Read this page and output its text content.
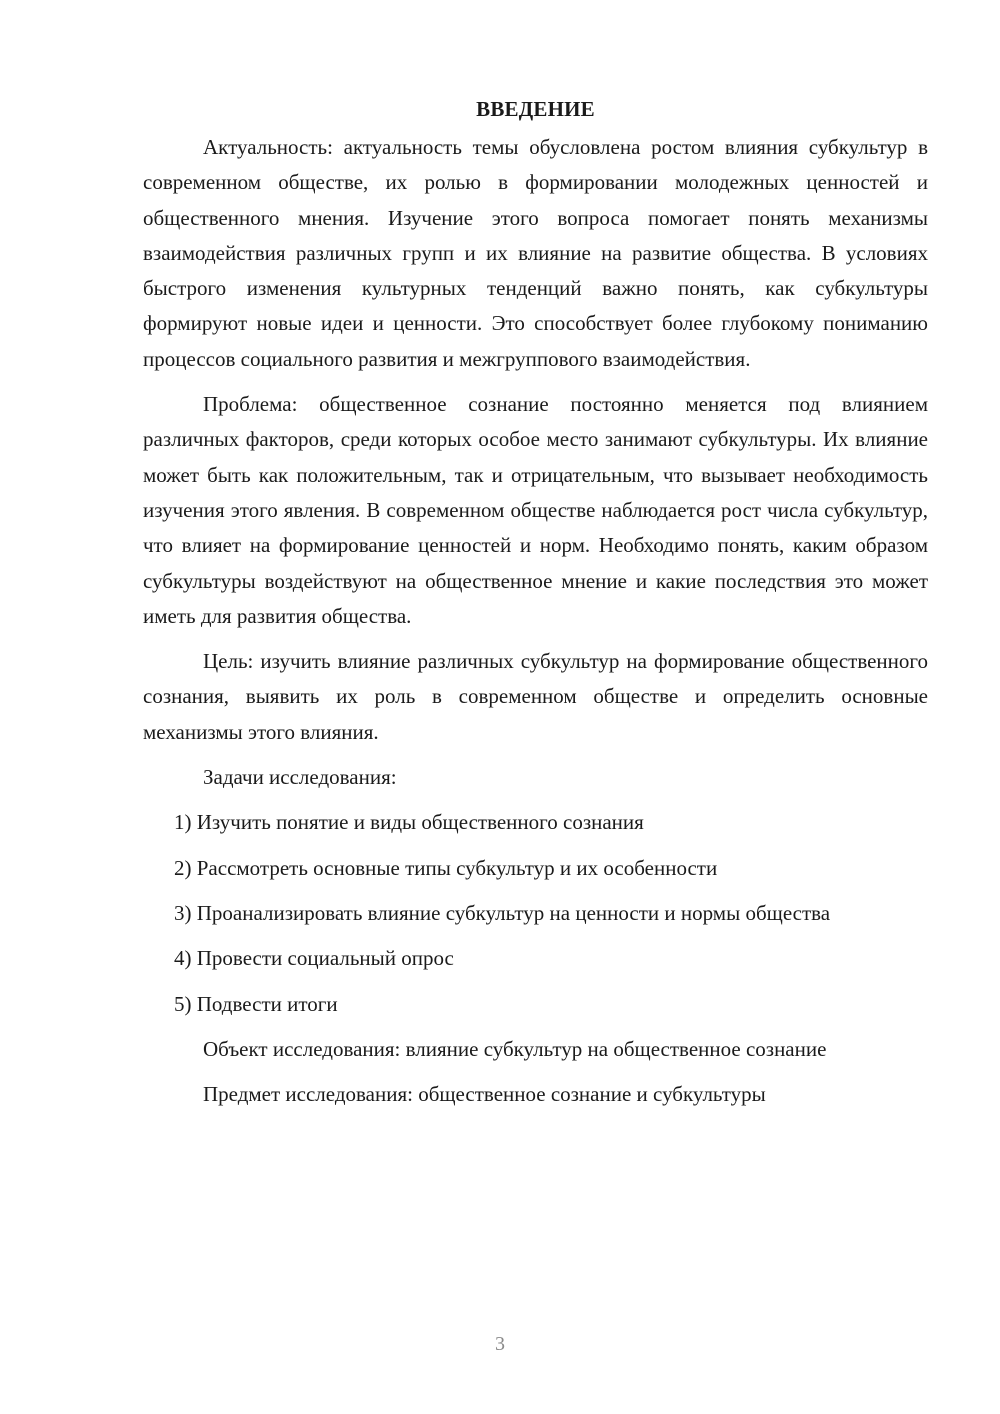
ВВЕДЕНИЕ
Актуальность: актуальность темы обусловлена ростом влияния субкультур в современном обществе, их ролью в формировании молодежных ценностей и общественного мнения. Изучение этого вопроса помогает понять механизмы взаимодействия различных групп и их влияние на развитие общества. В условиях быстрого изменения культурных тенденций важно понять, как субкультуры формируют новые идеи и ценности. Это способствует более глубокому пониманию процессов социального развития и межгруппового взаимодействия.
Проблема: общественное сознание постоянно меняется под влиянием различных факторов, среди которых особое место занимают субкультуры. Их влияние может быть как положительным, так и отрицательным, что вызывает необходимость изучения этого явления. В современном обществе наблюдается рост числа субкультур, что влияет на формирование ценностей и норм. Необходимо понять, каким образом субкультуры воздействуют на общественное мнение и какие последствия это может иметь для развития общества.
Цель: изучить влияние различных субкультур на формирование общественного сознания, выявить их роль в современном обществе и определить основные механизмы этого влияния.
Задачи исследования:
1) Изучить понятие и виды общественного сознания
2) Рассмотреть основные типы субкультур и их особенности
3) Проанализировать влияние субкультур на ценности и нормы общества
4) Провести социальный опрос
5) Подвести итоги
Объект исследования: влияние субкультур на общественное сознание
Предмет исследования: общественное сознание и субкультуры
3
